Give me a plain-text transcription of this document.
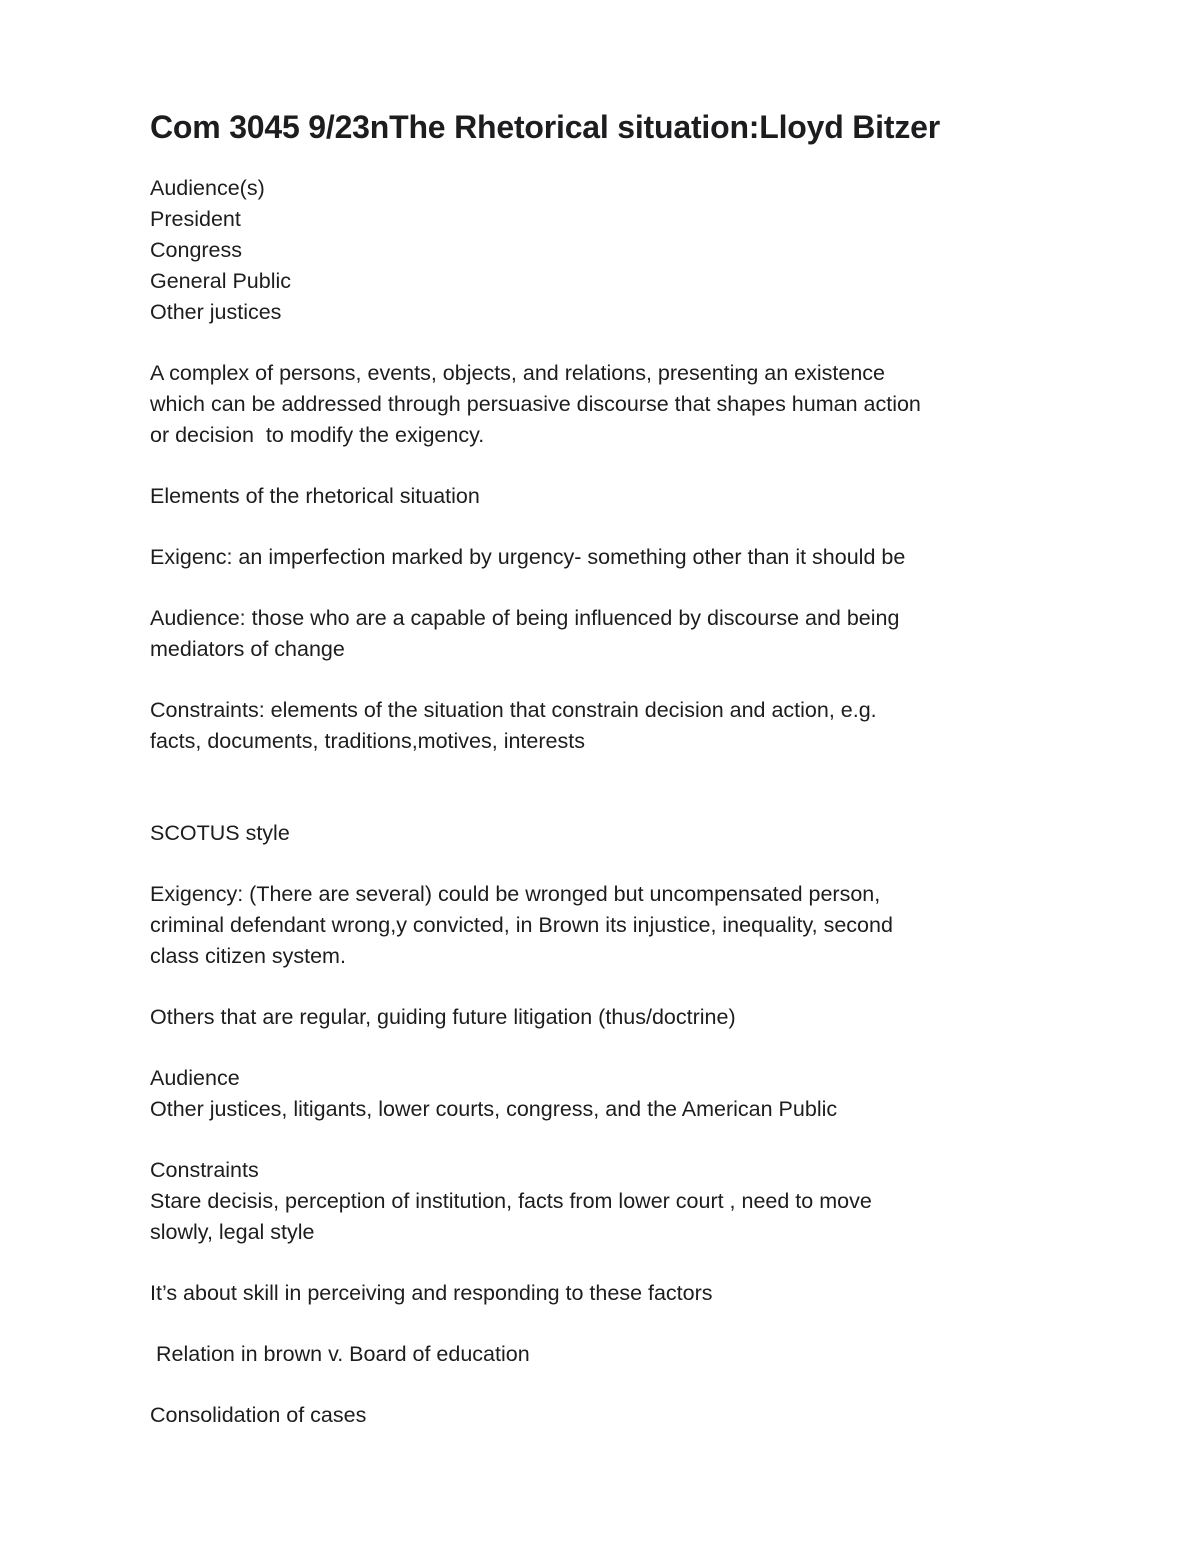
Com 3045 9/23nThe Rhetorical situation:Lloyd Bitzer

Audience(s)

President

Congress

General Public

Other justices

A complex of persons, events, objects, and relations, presenting an existence

which can be addressed through persuasive discourse that shapes human action

or decision  to modify the exigency.

Elements of the rhetorical situation

Exigenc: an imperfection marked by urgency- something other than it should be

Audience: those who are a capable of being influenced by discourse and being

mediators of change

Constraints: elements of the situation that constrain decision and action, e.g.

facts, documents, traditions,motives, interests

SCOTUS style

Exigency: (There are several) could be wronged but uncompensated person,

criminal defendant wrong,y convicted, in Brown its injustice, inequality, second

class citizen system.

Others that are regular, guiding future litigation (thus/doctrine)

Audience

Other justices, litigants, lower courts, congress, and the American Public

Constraints

Stare decisis, perception of institution, facts from lower court , need to move

slowly, legal style

It’s about skill in perceiving and responding to these factors

Relation in brown v. Board of education

Consolidation of cases
